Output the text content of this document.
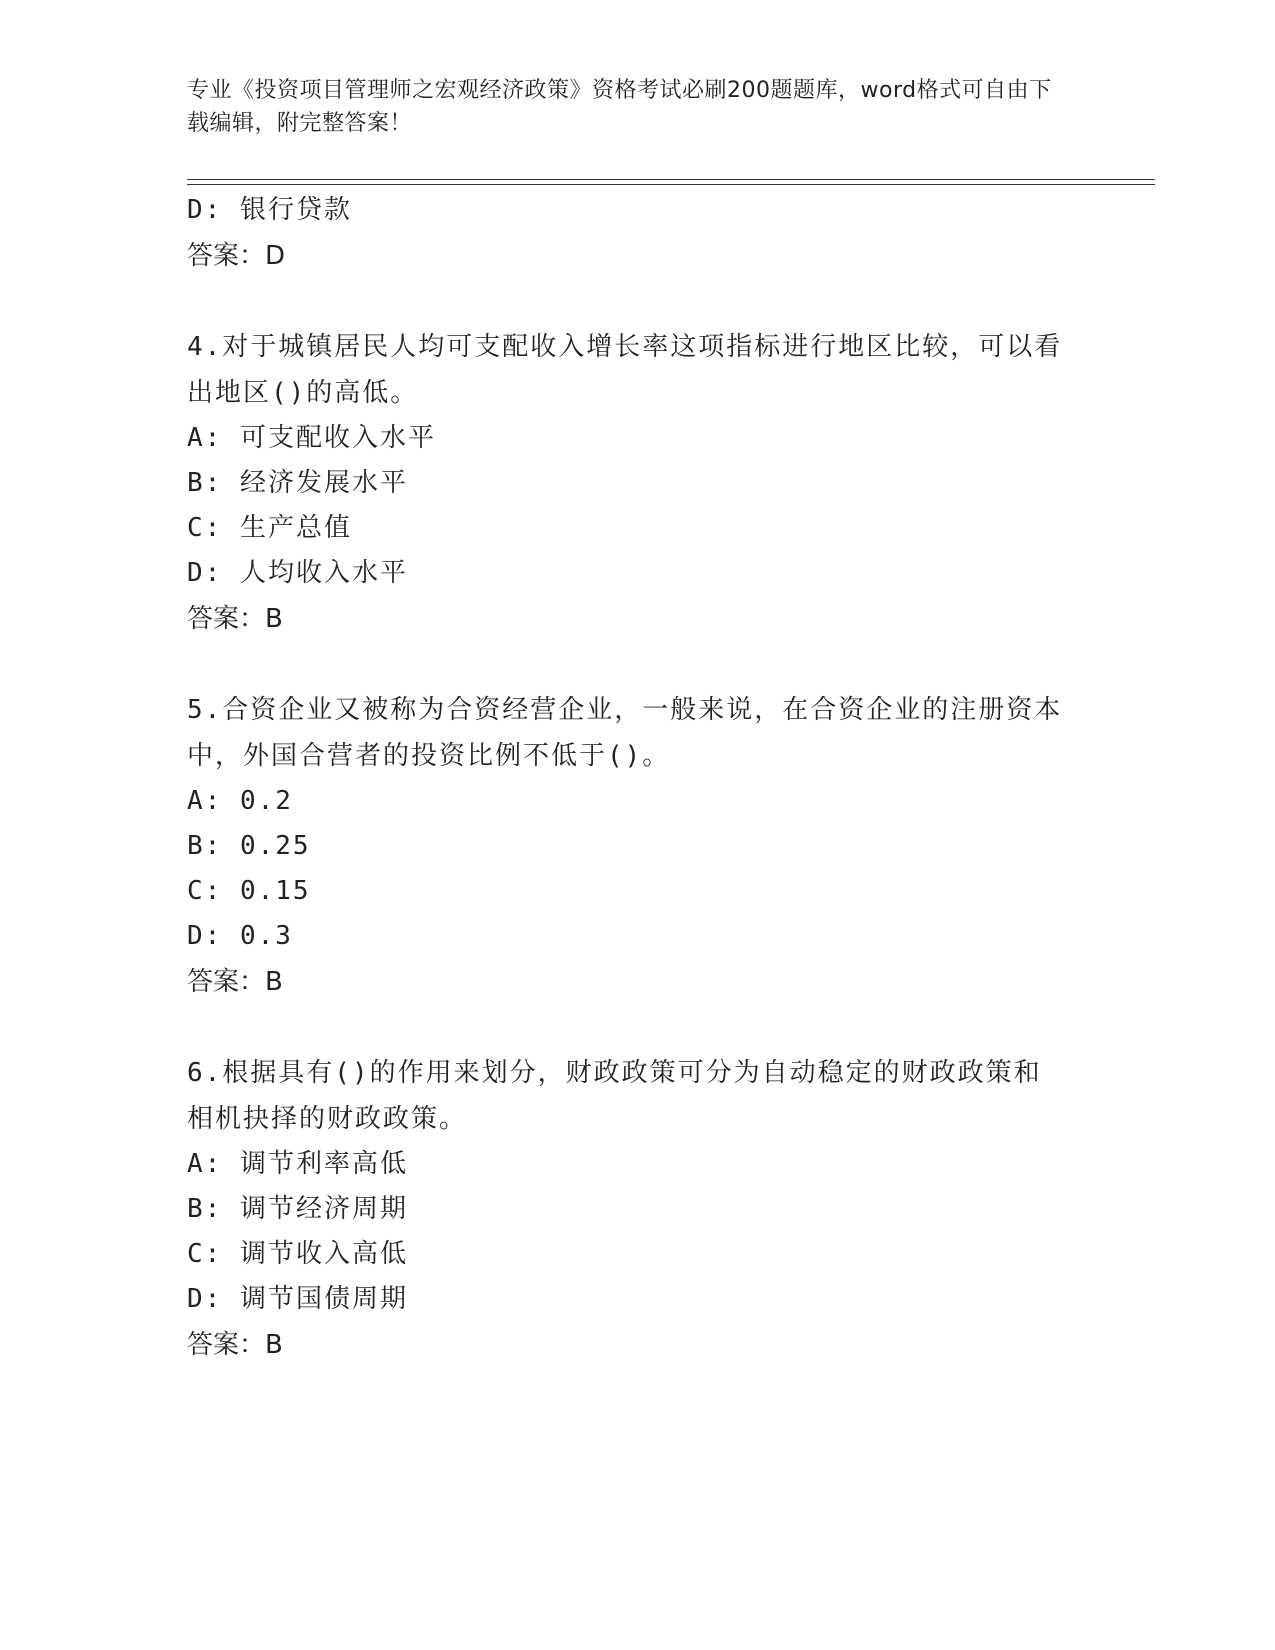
专业《投资项目管理师之宏观经济政策》资格考试必刷200题题库，word格式可自由下载编辑，附完整答案！
D: 银行贷款
答案：D
4.对于城镇居民人均可支配收入增长率这项指标进行地区比较，可以看出地区()的高低。
A: 可支配收入水平
B: 经济发展水平
C: 生产总值
D: 人均收入水平
答案：B
5.合资企业又被称为合资经营企业，一般来说，在合资企业的注册资本中，外国合营者的投资比例不低于()。
A: 0.2
B: 0.25
C: 0.15
D: 0.3
答案：B
6.根据具有()的作用来划分，财政政策可分为自动稳定的财政政策和相机抉择的财政政策。
A: 调节利率高低
B: 调节经济周期
C: 调节收入高低
D: 调节国债周期
答案：B
